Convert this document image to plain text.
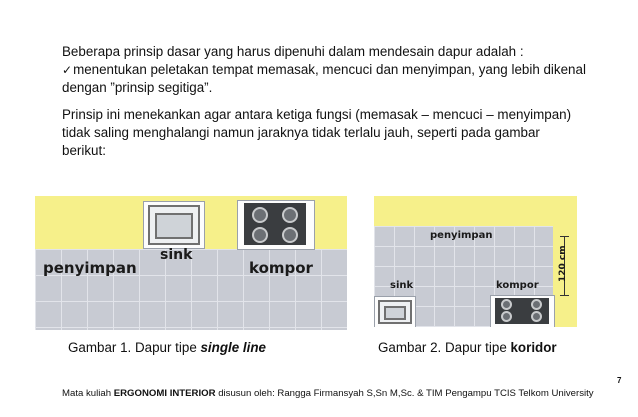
Beberapa prinsip dasar yang harus dipenuhi dalam mendesain dapur adalah :
✓menentukan peletakan tempat memasak, mencuci dan menyimpan, yang lebih dikenal
dengan ”prinsip segitiga”.
Prinsip ini menekankan agar antara ketiga fungsi (memasak – mencuci – menyimpan)
tidak saling menghalangi namun jaraknya tidak terlalu jauh, seperti pada gambar
berikut:
penyimpan
sink
kompor	120 cm
penyimpan
sink	kompor
Gambar 1. Dapur tipe single line	Gambar 2. Dapur tipe koridor
7
Mata kuliah ERGONOMI INTERIOR disusun oleh: Rangga Firmansyah S,Sn M,Sc. & TIM Pengampu TCIS Telkom University
